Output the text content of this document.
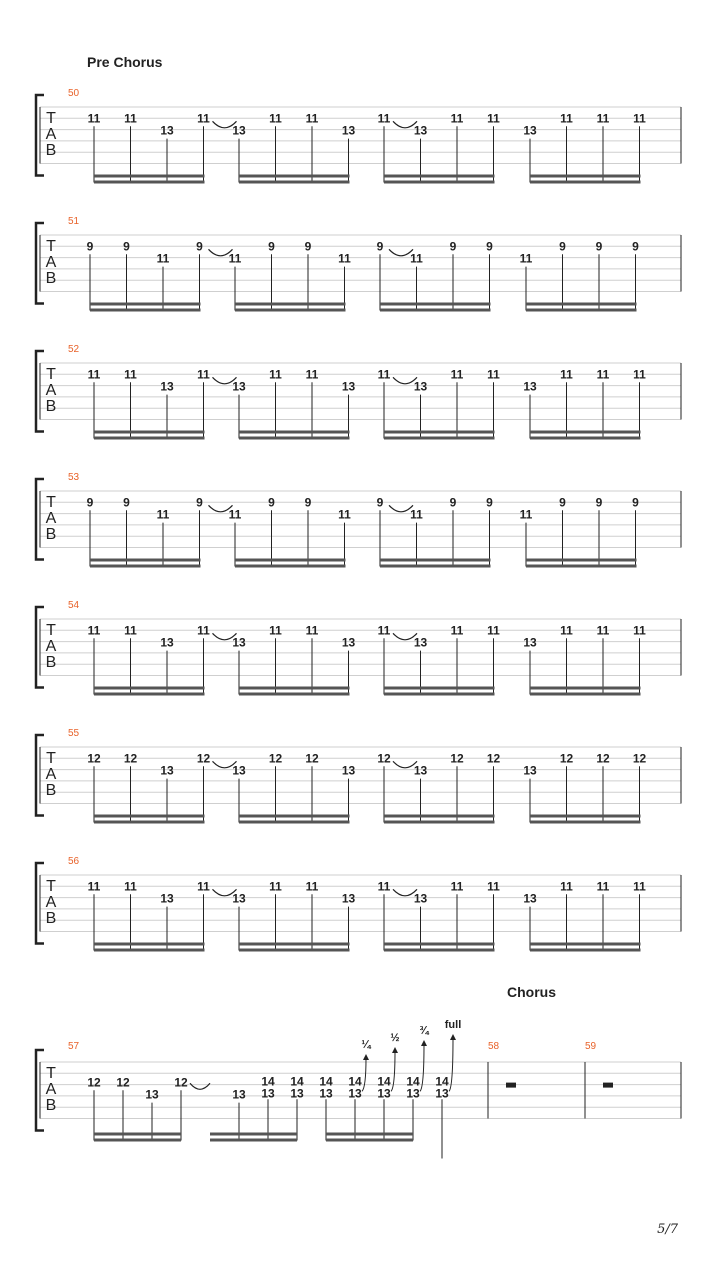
T
A
B
50
11 11
13
11
13
11 11
13
11
13
11 11
13
11 11 11
T
A
B
51
9 9
11
9
11
9 9
11
9
11
9 9
11
9 9 9
T
A
B
52
11 11
13
11
13
11 11
13
11
13
11 11
13
11 11 11
T
A
B
53
9 9
11
9
11
9 9
11
9
11
9 9
11
9 9 9
T
A
B
54
11 11
13
11
13
11 11
13
11
13
11 11
13
11 11 11
T
A
B
55
12 12
13
12
13
12 12
13
12
13
12 12
13
12 12 12
T
A
B
56
11 11
13
11
13
11 11
13
11
13
11 11
13
11 11 11
T
A
B
57
12 12
13
12
13
14
13
14
13
14
13
14
13
¼
14
13
½
14
13
¾
14
13
full
58	59
Pre Chorus
Chorus
5/7
